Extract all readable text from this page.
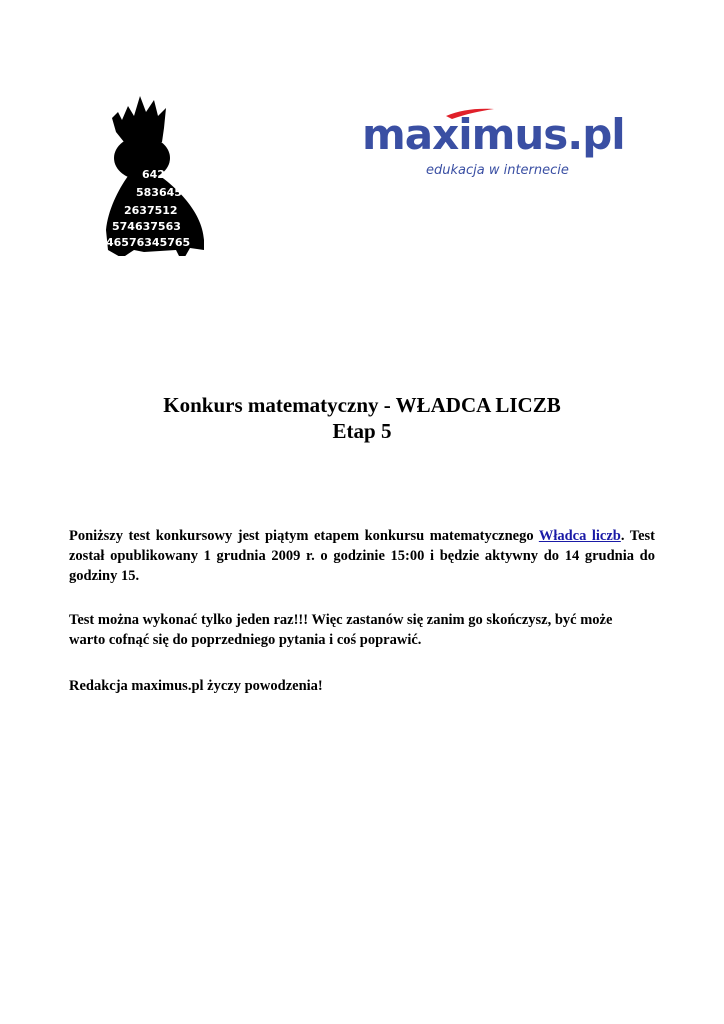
642351
583645
2637512
574637563
46576345765
maximus.pl
edukacja w internecie

Konkurs matematyczny - WŁADCA LICZB

Etap 5

Poniższy test konkursowy jest piątym etapem konkursu matematycznego Władca liczb. Test został opublikowany 1 grudnia 2009 r. o godzinie 15:00 i będzie aktywny do 14 grudnia do godziny 15.

Test można wykonać tylko jeden raz!!! Więc zastanów się zanim go skończysz, być może
warto cofnąć się do poprzedniego pytania i coś poprawić.

Redakcja maximus.pl życzy powodzenia!
